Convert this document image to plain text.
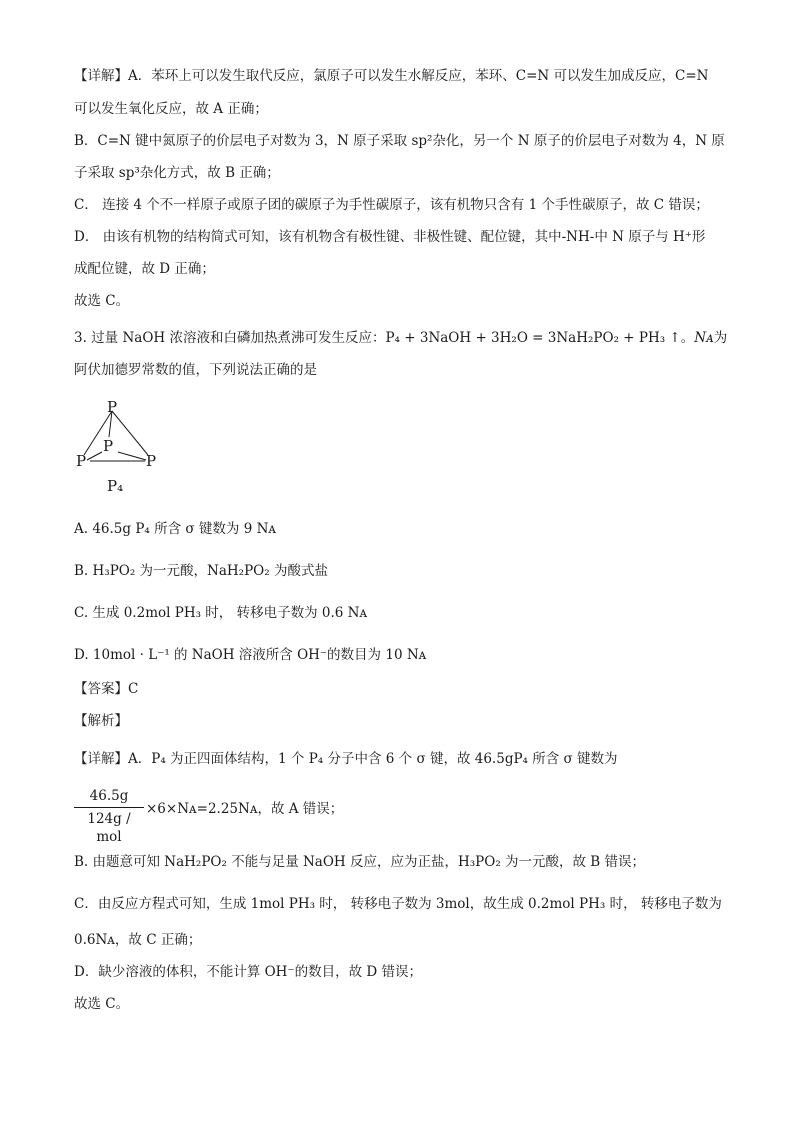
【详解】A．苯环上可以发生取代反应，氯原子可以发生水解反应，苯环、C=N 可以发生加成反应，C=N
可以发生氧化反应，故 A 正确；
B．C=N 键中氮原子的价层电子对数为 3，N 原子采取 sp²杂化，另一个 N 原子的价层电子对数为 4，N 原
子采取 sp³杂化方式，故 B 正确；
C． 连接 4 个不一样原子或原子团的碳原子为手性碳原子，该有机物只含有 1 个手性碳原子，故 C 错误；
D． 由该有机物的结构简式可知，该有机物含有极性键、非极性键、配位键，其中-NH-中 N 原子与 H⁺形
成配位键，故 D 正确；
故选 C。
3. 过量 NaOH 浓溶液和白磷加热煮沸可发生反应：P₄ + 3NaOH + 3H₂O = 3NaH₂PO₂ + PH₃ ↑。Nᴀ为
阿伏加德罗常数的值，下列说法正确的是
P
P
P	P
P₄
A. 46.5g P₄ 所含 σ 键数为 9 Nᴀ
B. H₃PO₂ 为一元酸，NaH₂PO₂ 为酸式盐
C. 生成 0.2mol PH₃ 时， 转移电子数为 0.6 Nᴀ
D. 10mol · L⁻¹ 的 NaOH 溶液所含 OH⁻的数目为 10 Nᴀ
【答案】C
【解析】
【详解】A．P₄ 为正四面体结构，1 个 P₄ 分子中含 6 个 σ 键，故 46.5gP₄ 所含 σ 键数为
46.5g
124g / mol
×6×Nᴀ=2.25Nᴀ，故 A 错误；
B. 由题意可知 NaH₂PO₂ 不能与足量 NaOH 反应，应为正盐，H₃PO₂ 为一元酸，故 B 错误；
C．由反应方程式可知，生成 1mol PH₃ 时， 转移电子数为 3mol，故生成 0.2mol PH₃ 时， 转移电子数为
0.6Nᴀ，故 C 正确；
D．缺少溶液的体积，不能计算 OH⁻的数目，故 D 错误；
故选 C。
